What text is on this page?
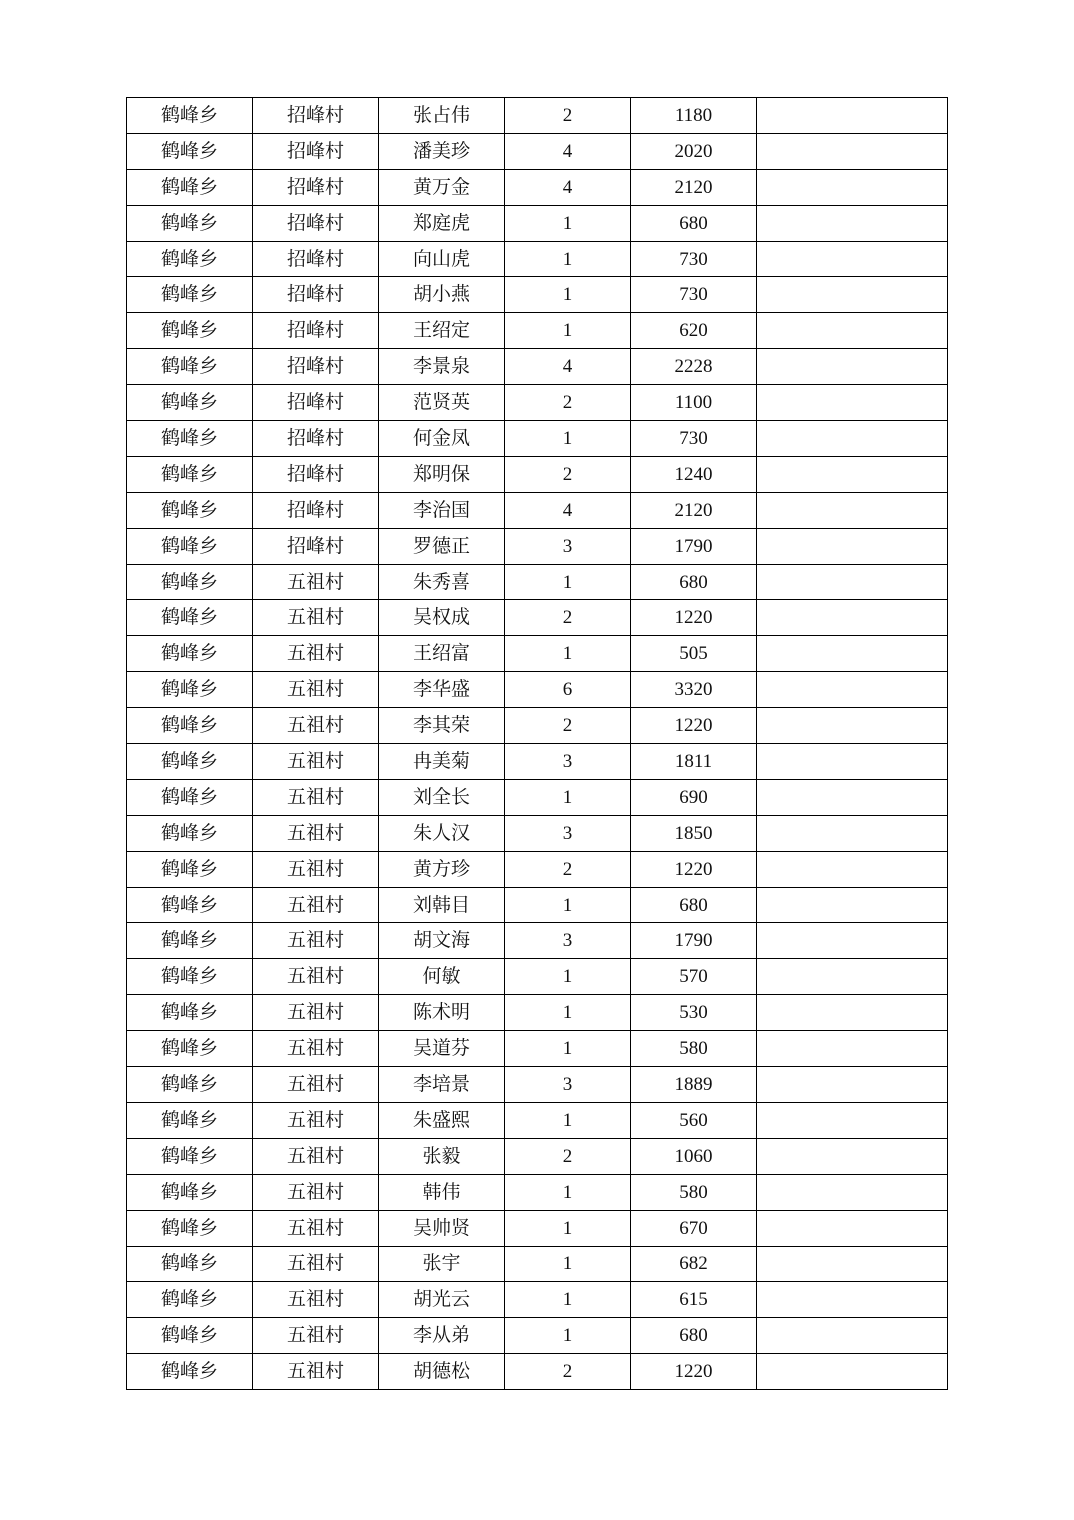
鹤峰乡	招峰村	张占伟	2	1180	
鹤峰乡	招峰村	潘美珍	4	2020	
鹤峰乡	招峰村	黄万金	4	2120	
鹤峰乡	招峰村	郑庭虎	1	680	
鹤峰乡	招峰村	向山虎	1	730	
鹤峰乡	招峰村	胡小燕	1	730	
鹤峰乡	招峰村	王绍定	1	620	
鹤峰乡	招峰村	李景泉	4	2228	
鹤峰乡	招峰村	范贤英	2	1100	
鹤峰乡	招峰村	何金凤	1	730	
鹤峰乡	招峰村	郑明保	2	1240	
鹤峰乡	招峰村	李治国	4	2120	
鹤峰乡	招峰村	罗德正	3	1790	
鹤峰乡	五祖村	朱秀喜	1	680	
鹤峰乡	五祖村	吴权成	2	1220	
鹤峰乡	五祖村	王绍富	1	505	
鹤峰乡	五祖村	李华盛	6	3320	
鹤峰乡	五祖村	李其荣	2	1220	
鹤峰乡	五祖村	冉美菊	3	1811	
鹤峰乡	五祖村	刘全长	1	690	
鹤峰乡	五祖村	朱人汉	3	1850	
鹤峰乡	五祖村	黄方珍	2	1220	
鹤峰乡	五祖村	刘韩目	1	680	
鹤峰乡	五祖村	胡文海	3	1790	
鹤峰乡	五祖村	何敏	1	570	
鹤峰乡	五祖村	陈术明	1	530	
鹤峰乡	五祖村	吴道芬	1	580	
鹤峰乡	五祖村	李培景	3	1889	
鹤峰乡	五祖村	朱盛熙	1	560	
鹤峰乡	五祖村	张毅	2	1060	
鹤峰乡	五祖村	韩伟	1	580	
鹤峰乡	五祖村	吴帅贤	1	670	
鹤峰乡	五祖村	张宇	1	682	
鹤峰乡	五祖村	胡光云	1	615	
鹤峰乡	五祖村	李从弟	1	680	
鹤峰乡	五祖村	胡德松	2	1220	
